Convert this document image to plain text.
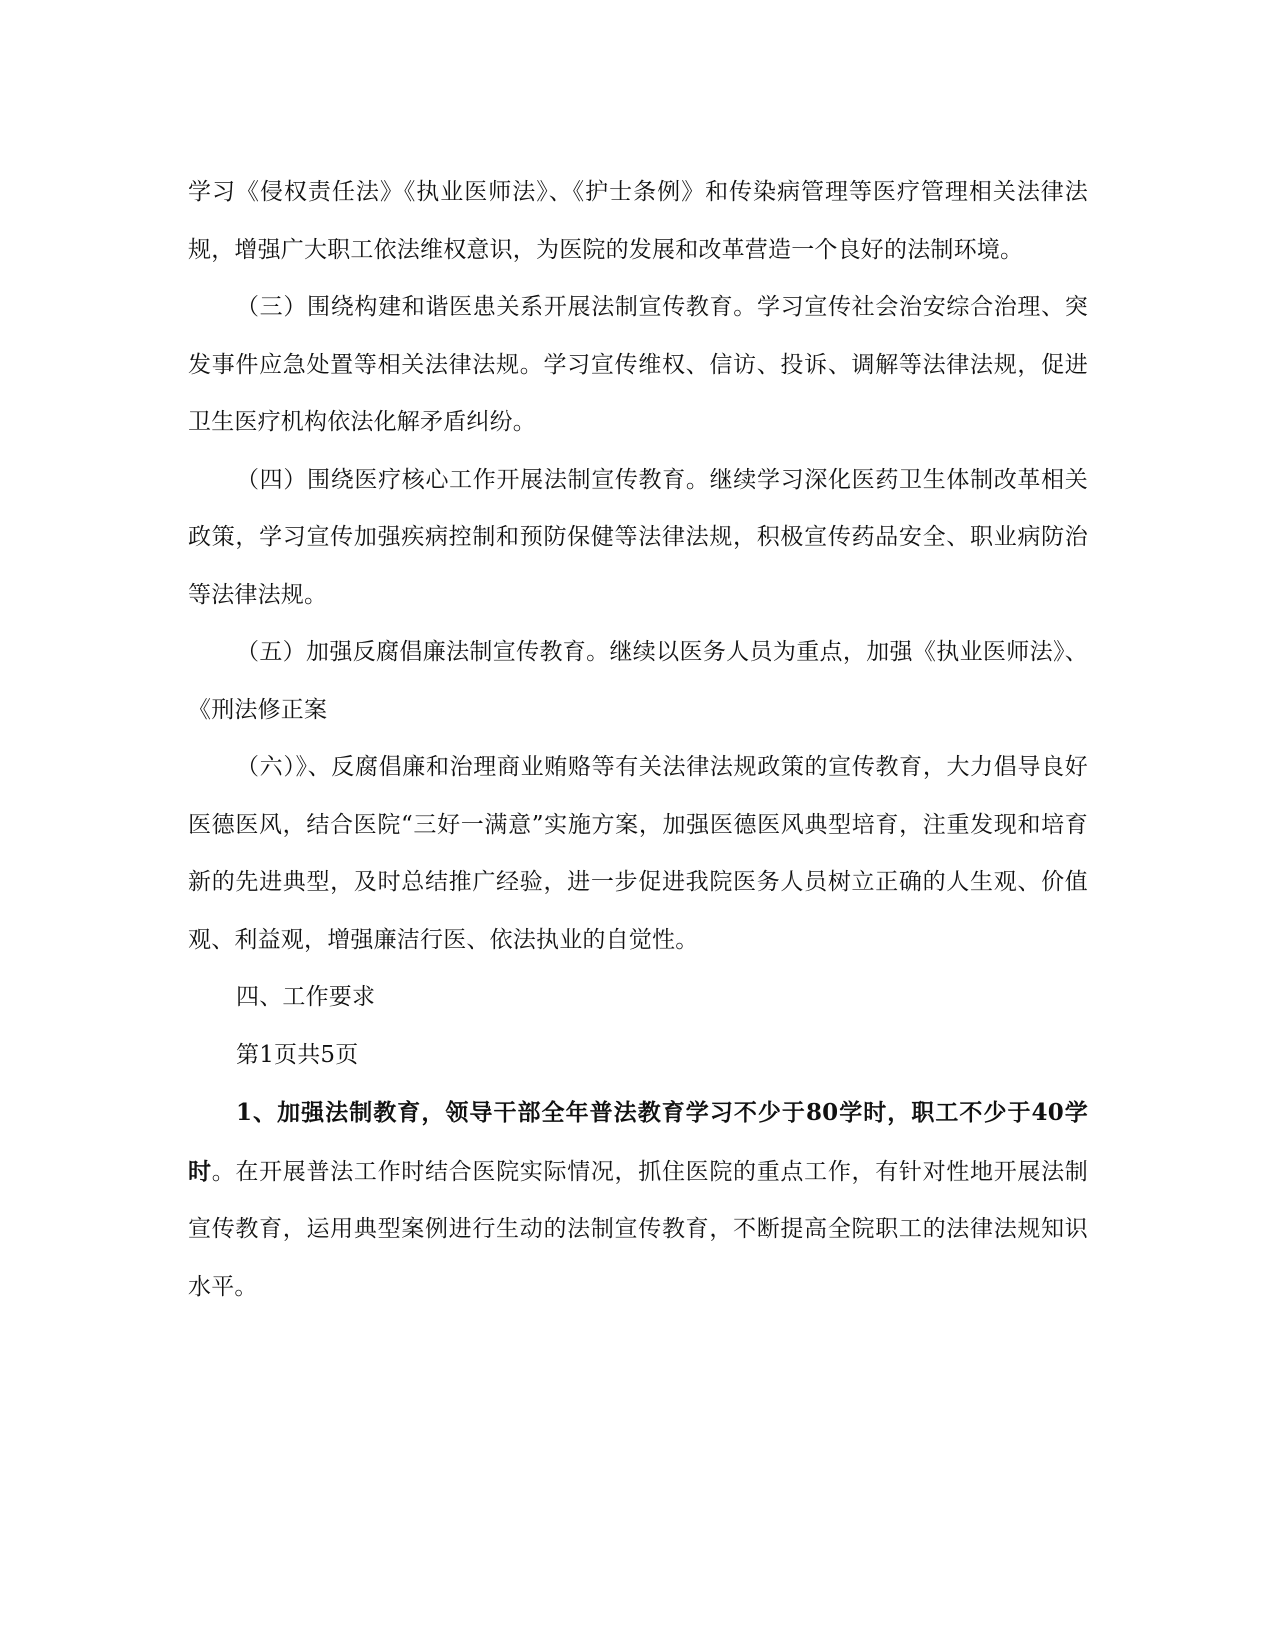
学习《侵权责任法》《执业医师法》、《护士条例》和传染病管理等医疗管理相关法律法规，增强广大职工依法维权意识，为医院的发展和改革营造一个良好的法制环境。

（三）围绕构建和谐医患关系开展法制宣传教育。学习宣传社会治安综合治理、突发事件应急处置等相关法律法规。学习宣传维权、信访、投诉、调解等法律法规，促进卫生医疗机构依法化解矛盾纠纷。

（四）围绕医疗核心工作开展法制宣传教育。继续学习深化医药卫生体制改革相关政策，学习宣传加强疾病控制和预防保健等法律法规，积极宣传药品安全、职业病防治等法律法规。

（五）加强反腐倡廉法制宣传教育。继续以医务人员为重点，加强《执业医师法》、《刑法修正案

（六）》、反腐倡廉和治理商业贿赂等有关法律法规政策的宣传教育，大力倡导良好医德医风，结合医院“三好一满意”实施方案，加强医德医风典型培育，注重发现和培育新的先进典型，及时总结推广经验，进一步促进我院医务人员树立正确的人生观、价值观、利益观，增强廉洁行医、依法执业的自觉性。

四、工作要求

第1页共5页

1、加强法制教育，领导干部全年普法教育学习不少于80学时，职工不少于40学时。在开展普法工作时结合医院实际情况，抓住医院的重点工作，有针对性地开展法制宣传教育，运用典型案例进行生动的法制宣传教育，不断提高全院职工的法律法规知识水平。
